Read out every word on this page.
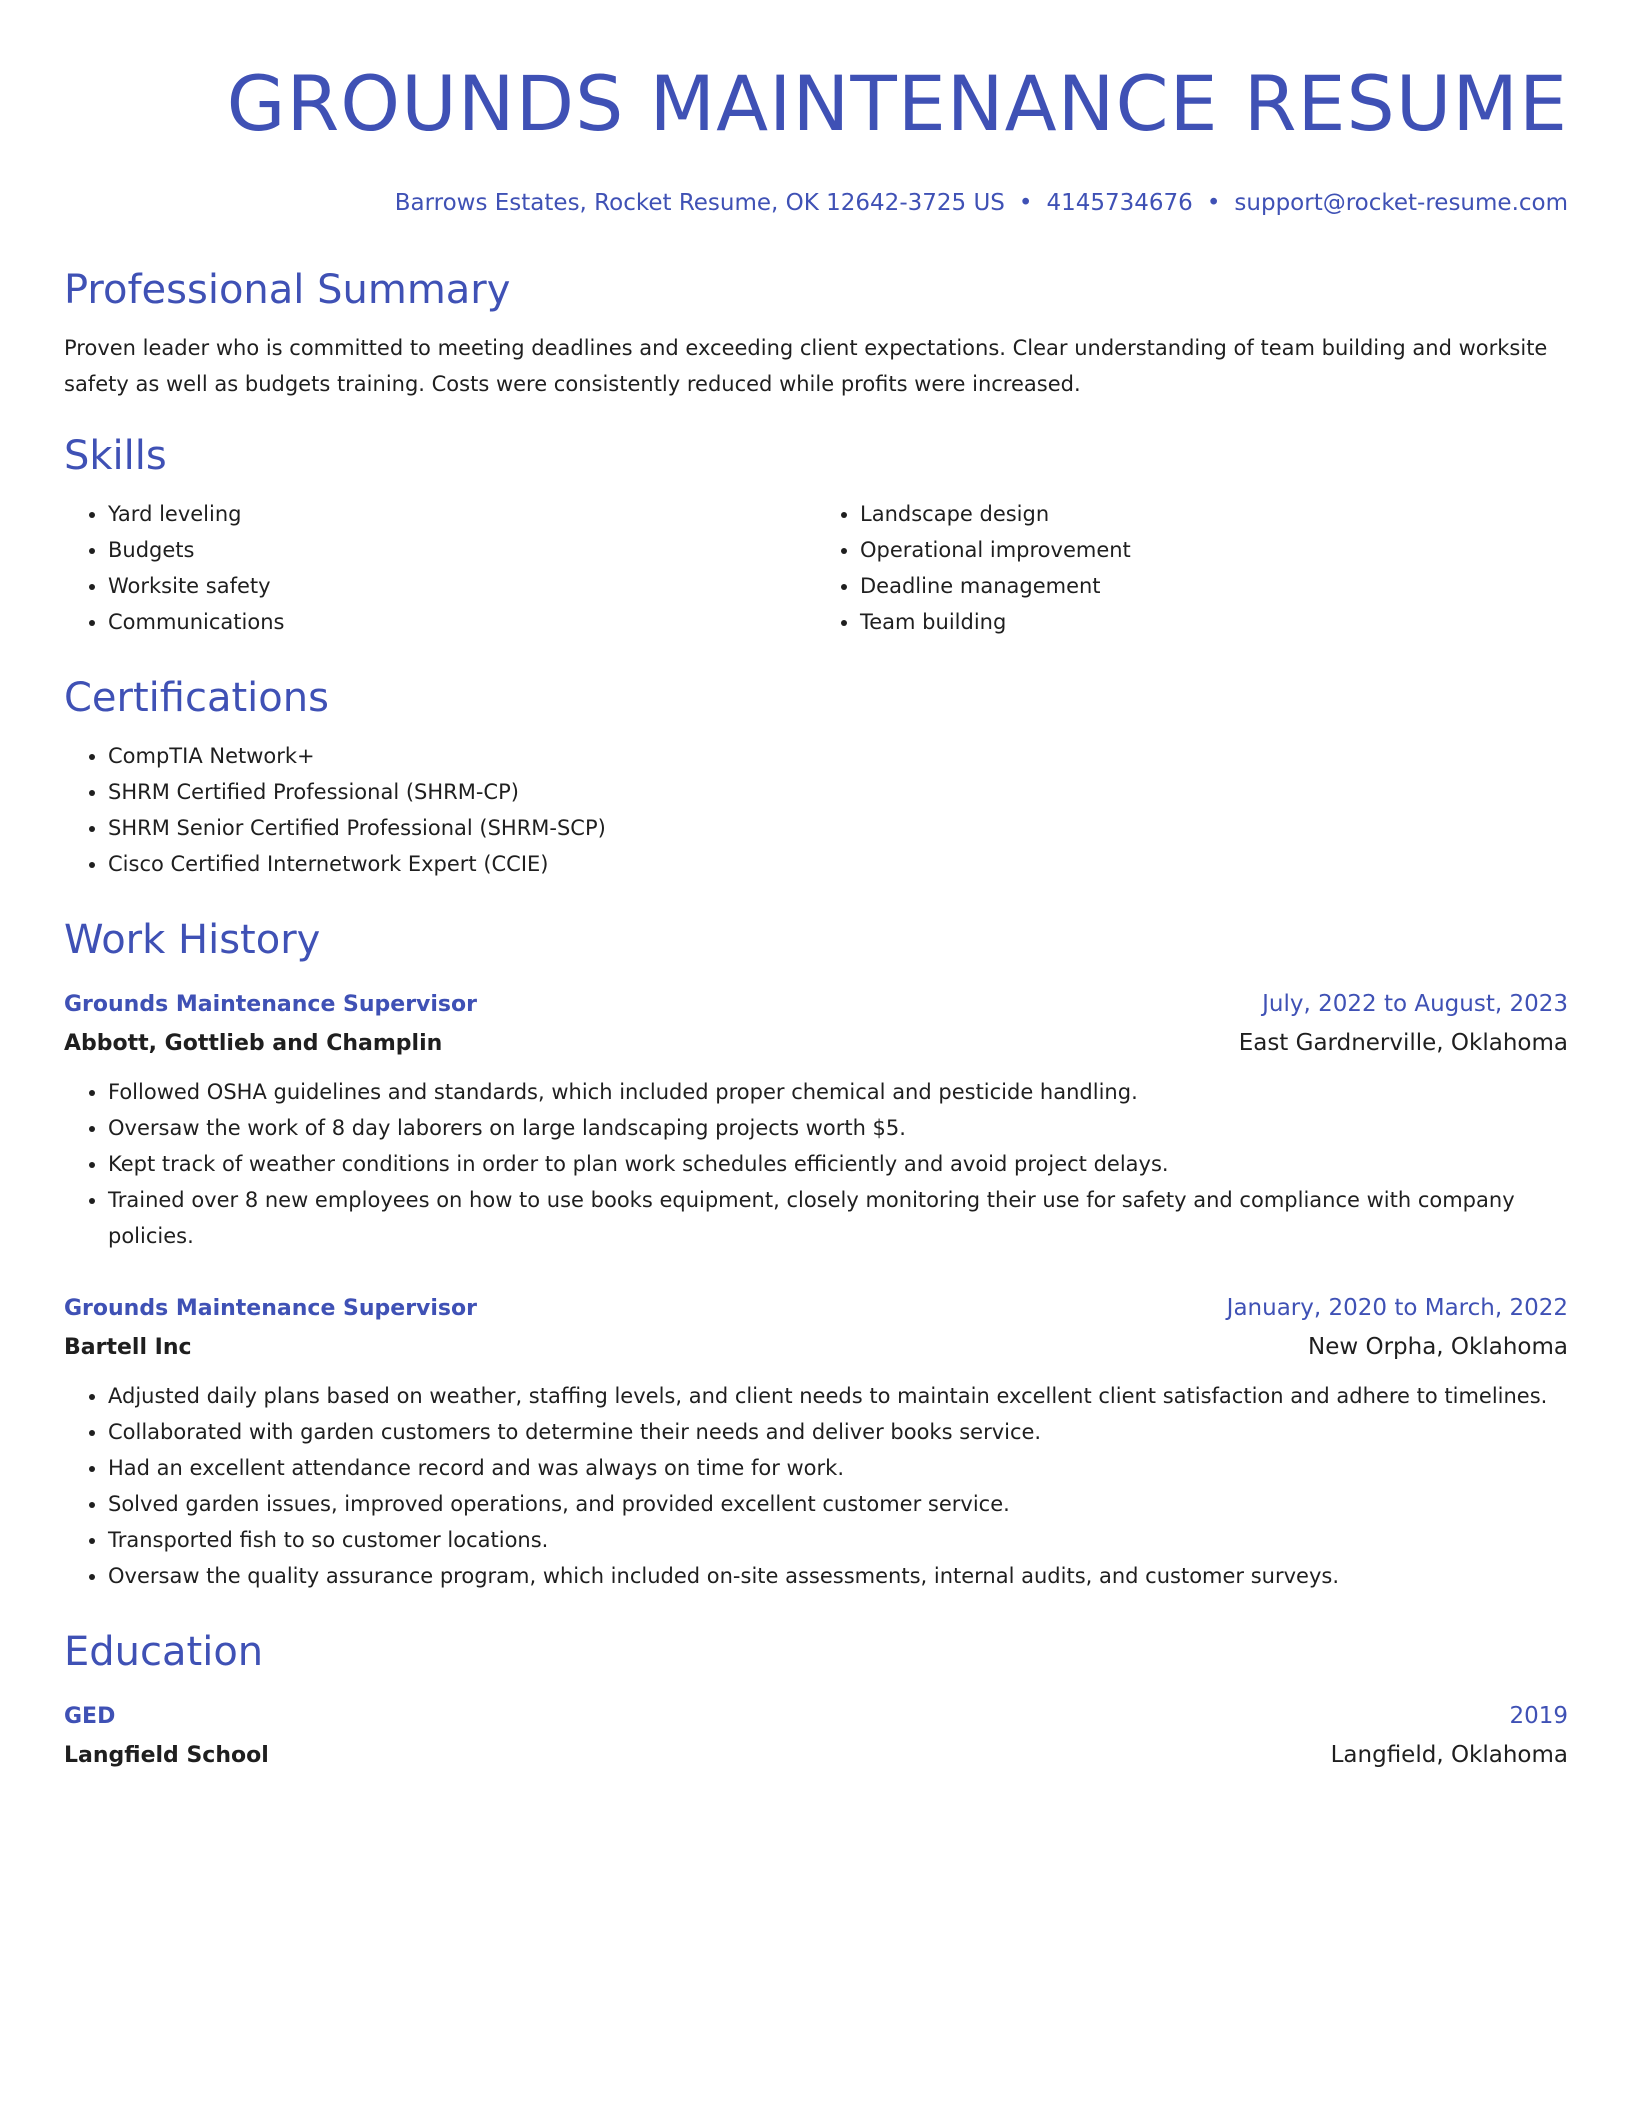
GROUNDS MAINTENANCE RESUME
Barrows Estates, Rocket Resume, OK 12642-3725 US • 4145734676 • support@rocket-resume.com
Professional Summary

Proven leader who is committed to meeting deadlines and exceeding client expectations. Clear understanding of team building and worksite safety as well as budgets training. Costs were consistently reduced while profits were increased.

Skills
• Yard leveling
• Budgets
• Worksite safety
• Communications
• Landscape design
• Operational improvement
• Deadline management
• Team building
Certifications
• CompTIA Network+
• SHRM Certified Professional (SHRM-CP)
• SHRM Senior Certified Professional (SHRM-SCP)
• Cisco Certified Internetwork Expert (CCIE)
Work History
Grounds Maintenance Supervisor	July, 2022 to August, 2023
Abbott, Gottlieb and Champlin	East Gardnerville, Oklahoma
• Followed OSHA guidelines and standards, which included proper chemical and pesticide handling.
• Oversaw the work of 8 day laborers on large landscaping projects worth $5.
• Kept track of weather conditions in order to plan work schedules efficiently and avoid project delays.
• Trained over 8 new employees on how to use books equipment, closely monitoring their use for safety and compliance with company policies.
Grounds Maintenance Supervisor	January, 2020 to March, 2022
Bartell Inc	New Orpha, Oklahoma
• Adjusted daily plans based on weather, staffing levels, and client needs to maintain excellent client satisfaction and adhere to timelines.
• Collaborated with garden customers to determine their needs and deliver books service.
• Had an excellent attendance record and was always on time for work.
• Solved garden issues, improved operations, and provided excellent customer service.
• Transported fish to so customer locations.
• Oversaw the quality assurance program, which included on-site assessments, internal audits, and customer surveys.
Education
GED	2019
Langfield School	Langfield, Oklahoma
